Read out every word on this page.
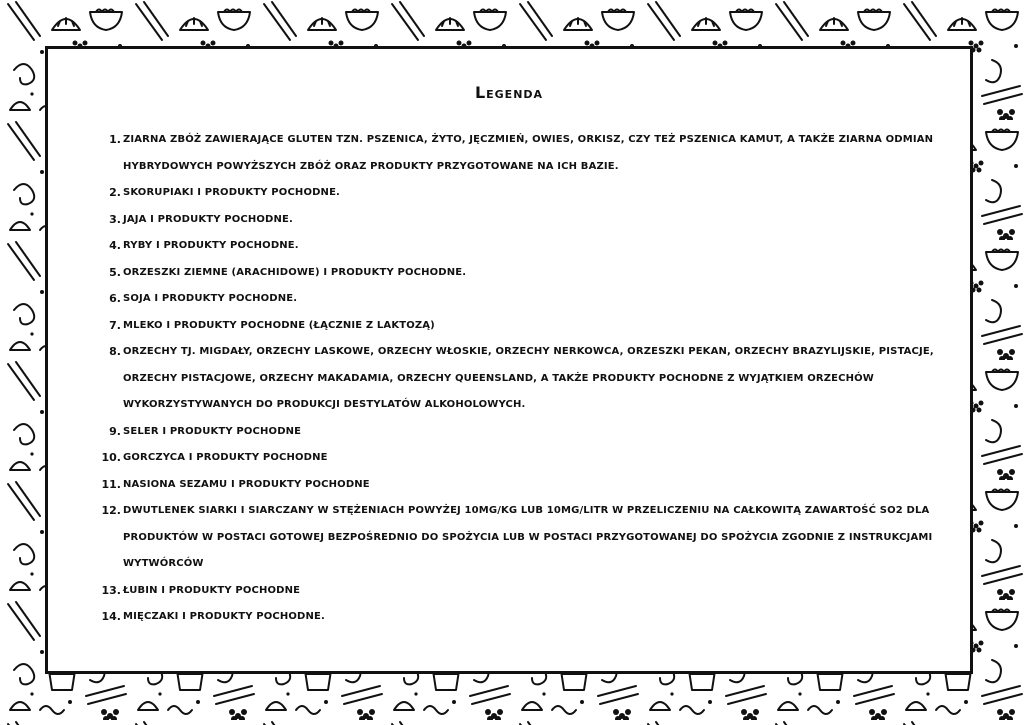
Legenda
1. ZIARNA ZBÓŻ ZAWIERAJĄCE GLUTEN TZN. PSZENICA, ŻYTO, JĘCZMIEŃ, OWIES, ORKISZ, CZY TEŻ PSZENICA KAMUT, A TAKŻE ZIARNA ODMIAN HYBRYDOWYCH POWYŻSZYCH ZBÓŻ ORAZ PRODUKTY PRZYGOTOWANE NA ICH BAZIE.
2. SKORUPIAKI I PRODUKTY POCHODNE.
3. JAJA I PRODUKTY POCHODNE.
4. RYBY I PRODUKTY POCHODNE.
5. ORZESZKI ZIEMNE (ARACHIDOWE) I PRODUKTY POCHODNE.
6. SOJA I PRODUKTY POCHODNE.
7. MLEKO I PRODUKTY POCHODNE (ŁĄCZNIE Z LAKTOZĄ)
8. ORZECHY TJ. MIGDAŁY, ORZECHY LASKOWE, ORZECHY WŁOSKIE, ORZECHY NERKOWCA, ORZESZKI PEKAN, ORZECHY BRAZYLIJSKIE, PISTACJE, ORZECHY PISTACJOWE, ORZECHY MAKADAMIA, ORZECHY QUEENSLAND, A TAKŻE PRODUKTY POCHODNE Z WYJĄTKIEM ORZECHÓW WYKORZYSTYWANYCH DO PRODUKCJI DESTYLATÓW ALKOHOLOWYCH.
9. SELER I PRODUKTY POCHODNE
10. GORCZYCA I PRODUKTY POCHODNE
11. NASIONA SEZAMU I PRODUKTY POCHODNE
12. DWUTLENEK SIARKI I SIARCZANY W STĘŻENIACH POWYŻEJ 10MG/KG LUB 10MG/LITR W PRZELICZENIU NA CAŁKOWITĄ ZAWARTOŚĆ SO2 DLA PRODUKTÓW W POSTACI GOTOWEJ BEZPOŚREDNIO DO SPOŻYCIA LUB W POSTACI PRZYGOTOWANEJ DO SPOŻYCIA ZGODNIE Z INSTRUKCJAMI WYTWÓRCÓW
13. ŁUBIN I PRODUKTY POCHODNE
14. MIĘCZAKI I PRODUKTY POCHODNE.
